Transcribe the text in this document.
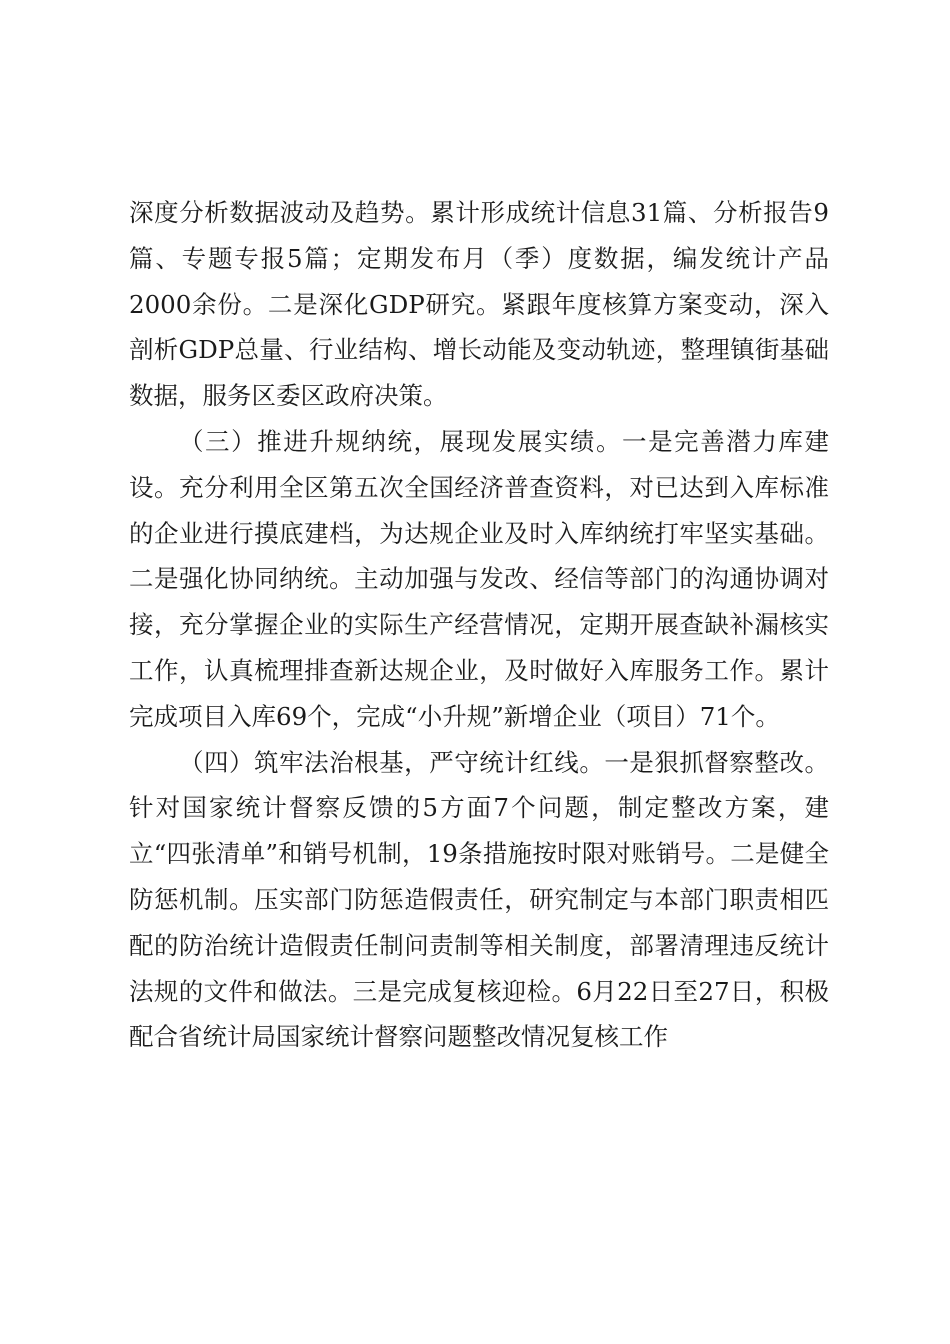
深度分析数据波动及趋势。累计形成统计信息31篇、分析报告9篇、专题专报5篇；定期发布月（季）度数据，编发统计产品2000余份。二是深化GDP研究。紧跟年度核算方案变动，深入剖析GDP总量、行业结构、增长动能及变动轨迹，整理镇街基础数据，服务区委区政府决策。

（三）推进升规纳统，展现发展实绩。一是完善潜力库建设。充分利用全区第五次全国经济普查资料，对已达到入库标准的企业进行摸底建档，为达规企业及时入库纳统打牢坚实基础。二是强化协同纳统。主动加强与发改、经信等部门的沟通协调对接，充分掌握企业的实际生产经营情况，定期开展查缺补漏核实工作，认真梳理排查新达规企业，及时做好入库服务工作。累计完成项目入库69个，完成“小升规”新增企业（项目）71个。

（四）筑牢法治根基，严守统计红线。一是狠抓督察整改。针对国家统计督察反馈的5方面7个问题，制定整改方案，建立“四张清单”和销号机制，19条措施按时限对账销号。二是健全防惩机制。压实部门防惩造假责任，研究制定与本部门职责相匹配的防治统计造假责任制问责制等相关制度，部署清理违反统计法规的文件和做法。三是完成复核迎检。6月22日至27日，积极配合省统计局国家统计督察问题整改情况复核工作
